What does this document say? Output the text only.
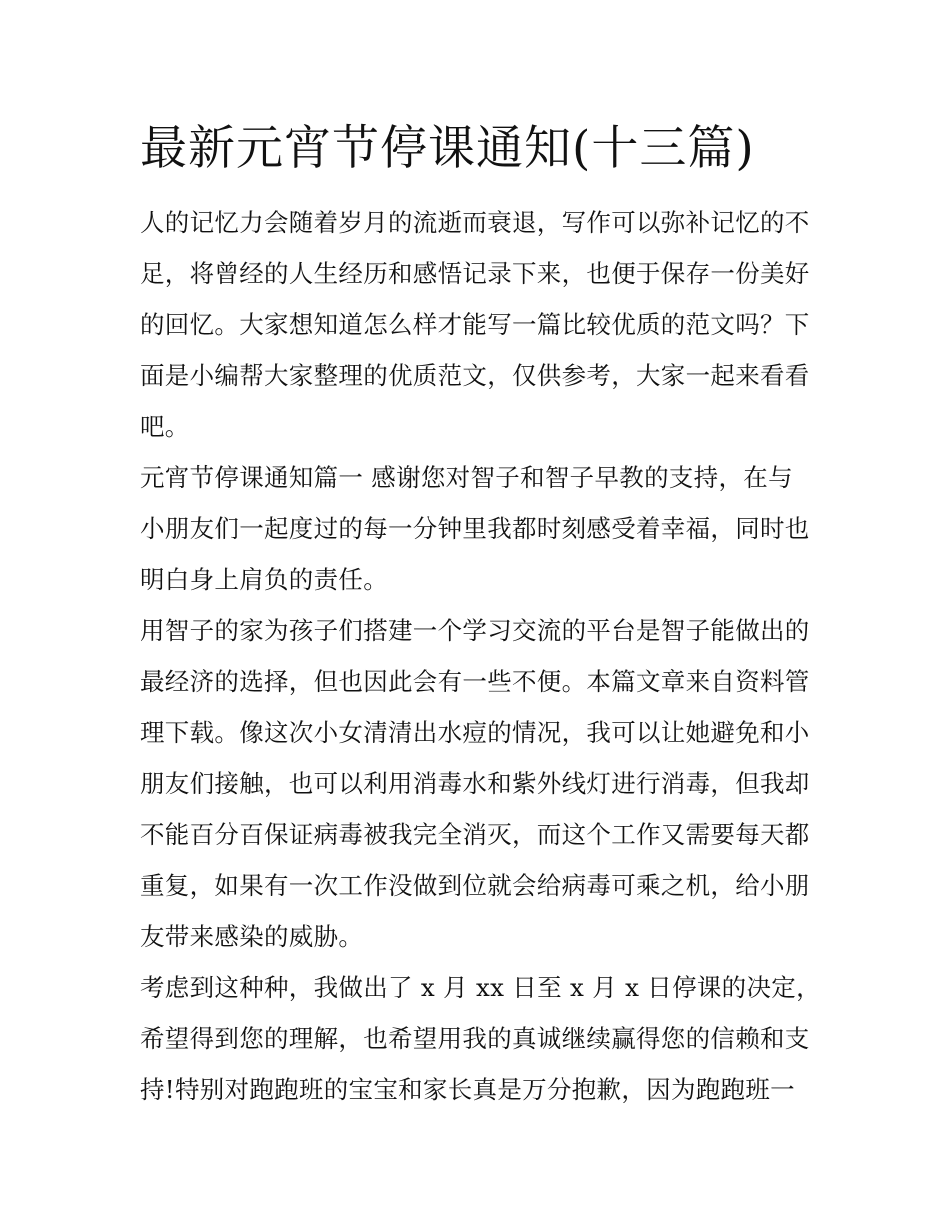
最新元宵节停课通知(十三篇)

人的记忆力会随着岁月的流逝而衰退，写作可以弥补记忆的不

足，将曾经的人生经历和感悟记录下来，也便于保存一份美好

的回忆。大家想知道怎么样才能写一篇比较优质的范文吗？下

面是小编帮大家整理的优质范文，仅供参考，大家一起来看看

吧。

元宵节停课通知篇一 感谢您对智子和智子早教的支持，在与

小朋友们一起度过的每一分钟里我都时刻感受着幸福，同时也

明白身上肩负的责任。

用智子的家为孩子们搭建一个学习交流的平台是智子能做出的

最经济的选择，但也因此会有一些不便。本篇文章来自资料管

理下载。像这次小女清清出水痘的情况，我可以让她避免和小

朋友们接触，也可以利用消毒水和紫外线灯进行消毒，但我却

不能百分百保证病毒被我完全消灭，而这个工作又需要每天都

重复，如果有一次工作没做到位就会给病毒可乘之机，给小朋

友带来感染的威胁。

考虑到这种种，我做出了 x 月 xx 日至 x 月 x 日停课的决定，

希望得到您的理解，也希望用我的真诚继续赢得您的信赖和支

持!特别对跑跑班的宝宝和家长真是万分抱歉，因为跑跑班一
